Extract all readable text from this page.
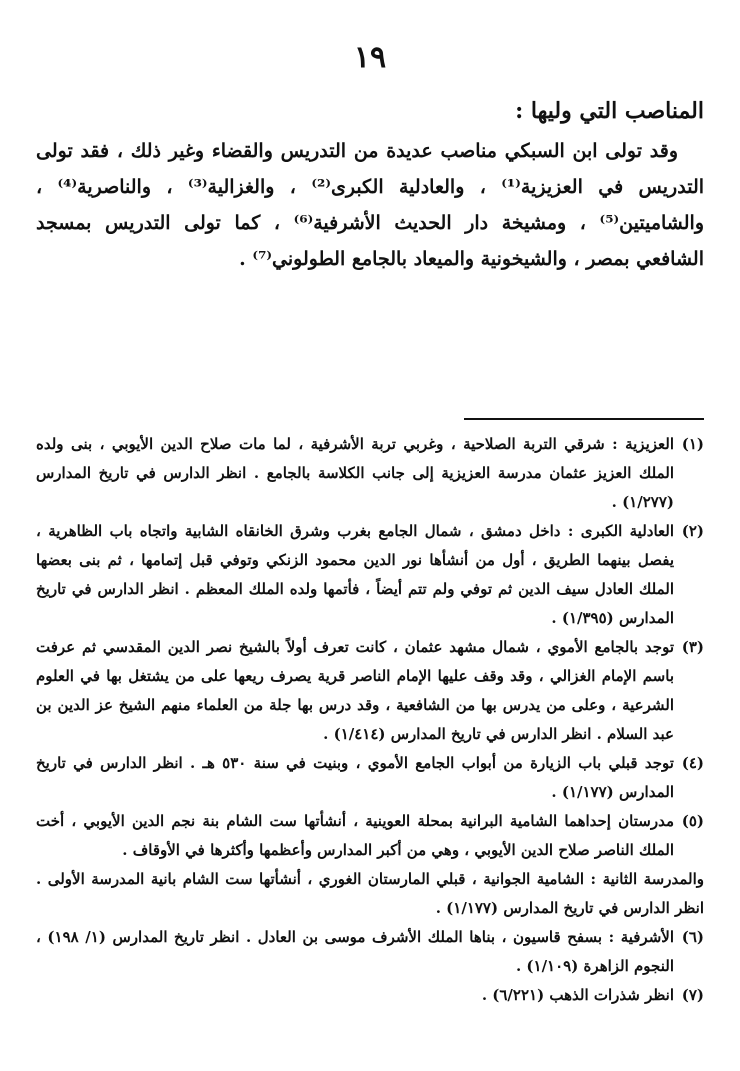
١٩
المناصب التي وليها :

وقد تولى ابن السبكي مناصب عديدة من التدريس والقضاء وغير ذلك ، فقد تولى التدريس في العزيزية⁽¹⁾ ، والعادلية الكبرى⁽²⁾ ، والغزالية⁽³⁾ ، والناصرية⁽⁴⁾ ، والشاميتين⁽⁵⁾ ، ومشيخة دار الحديث الأشرفية⁽⁶⁾ ، كما تولى التدريس بمسجد الشافعي بمصر ، والشيخونية والميعاد بالجامع الطولوني⁽⁷⁾ .

(١)
العزيزية : شرقي التربة الصلاحية ، وغربي تربة الأشرفية ، لما مات صلاح الدين الأيوبي ، بنى ولده الملك العزيز عثمان مدرسة العزيزية إلى جانب الكلاسة بالجامع . انظر الدارس في تاريخ المدارس (١/٢٧٧) .

(٢)
العادلية الكبرى : داخل دمشق ، شمال الجامع بغرب وشرق الخانقاه الشابية واتجاه باب الظاهرية ، يفصل بينهما الطريق ، أول من أنشأها نور الدين محمود الزنكي وتوفي قبل إتمامها ، ثم بنى بعضها الملك العادل سيف الدين ثم توفي ولم تتم أيضاً ، فأتمها ولده الملك المعظم . انظر الدارس في تاريخ المدارس (١/٣٩٥) .

(٣)
توجد بالجامع الأموي ، شمال مشهد عثمان ، كانت تعرف أولاً بالشيخ نصر الدين المقدسي ثم عرفت باسم الإمام الغزالي ، وقد وقف عليها الإمام الناصر قرية يصرف ريعها على من يشتغل بها في العلوم الشرعية ، وعلى من يدرس بها من الشافعية ، وقد درس بها جلة من العلماء منهم الشيخ عز الدين بن عبد السلام . انظر الدارس في تاريخ المدارس (١/٤١٤) .

(٤)
توجد قبلي باب الزيارة من أبواب الجامع الأموي ، وبنيت في سنة ٥٣٠ هـ . انظر الدارس في تاريخ المدارس (١/١٧٧) .

(٥)
مدرستان إحداهما الشامية البرانية بمحلة العوينية ، أنشأتها ست الشام بنة نجم الدين الأيوبي ، أخت الملك الناصر صلاح الدين الأيوبي ، وهي من أكبر المدارس وأعظمها وأكثرها في الأوقاف .

والمدرسة الثانية : الشامية الجوانية ، قبلي المارستان الغوري ، أنشأتها ست الشام بانية المدرسة الأولى . انظر الدارس في تاريخ المدارس (١/١٧٧) .

(٦)
الأشرفية : بسفح قاسيون ، بناها الملك الأشرف موسى بن العادل . انظر تاريخ المدارس (١/ ١٩٨) ، النجوم الزاهرة (١/١٠٩) .

(٧)
انظر شذرات الذهب (٦/٢٢١) .
